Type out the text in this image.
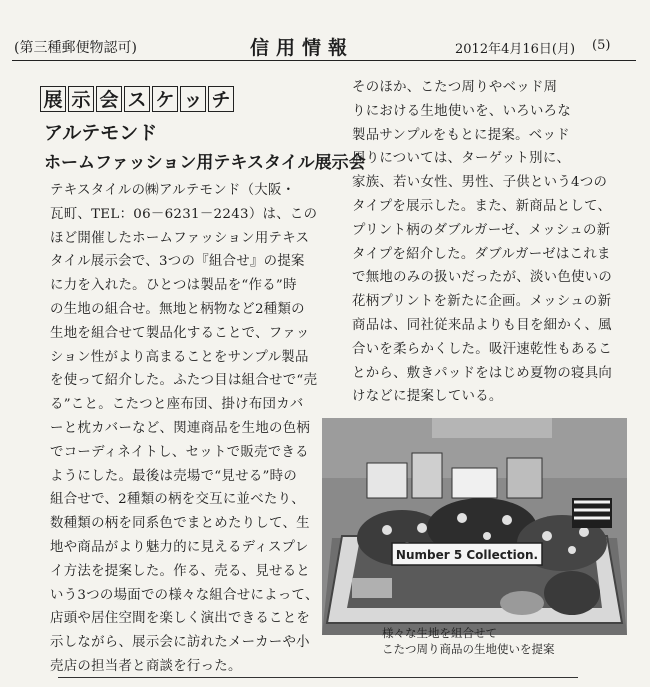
(第三種郵便物認可)	信用情報	2012年4月16日(月) (5)
展 示 会 ス ケ ッ チ
アルテモンド
ホームファッション用テキスタイル展示会
テキスタイルの㈱アルテモンド（大阪・
瓦町、TEL：06－6231－2243）は、この
ほど開催したホームファッション用テキス
タイル展示会で、3つの『組合せ』の提案
に力を入れた。ひとつは製品を“作る”時
の生地の組合せ。無地と柄物など2種類の
生地を組合せて製品化することで、ファッ
ション性がより高まることをサンプル製品
を使って紹介した。ふたつ目は組合せで“売
る”こと。こたつと座布団、掛け布団カバ
ーと枕カバーなど、関連商品を生地の色柄
でコーディネイトし、セットで販売できる
ようにした。最後は売場で“見せる”時の
組合せで、2種類の柄を交互に並べたり、
数種類の柄を同系色でまとめたりして、生
地や商品がより魅力的に見えるディスプレ
イ方法を提案した。作る、売る、見せると
いう3つの場面での様々な組合せによって、
店頭や居住空間を楽しく演出できることを
示しながら、展示会に訪れたメーカーや小
売店の担当者と商談を行った。
そのほか、こたつ周りやベッド周
りにおける生地使いを、いろいろな
製品サンプルをもとに提案。ベッド
周りについては、ターゲット別に、
家族、若い女性、男性、子供という4つの
タイプを展示した。また、新商品として、
プリント柄のダブルガーゼ、メッシュの新
タイプを紹介した。ダブルガーゼはこれま
で無地のみの扱いだったが、淡い色使いの
花柄プリントを新たに企画。メッシュの新
商品は、同社従来品よりも目を細かく、風
合いを柔らかくした。吸汗速乾性もあるこ
とから、敷きパッドをはじめ夏物の寝具向
けなどに提案している。
Number 5 Collection.
様々な生地を組合せて
こたつ周り商品の生地使いを提案
